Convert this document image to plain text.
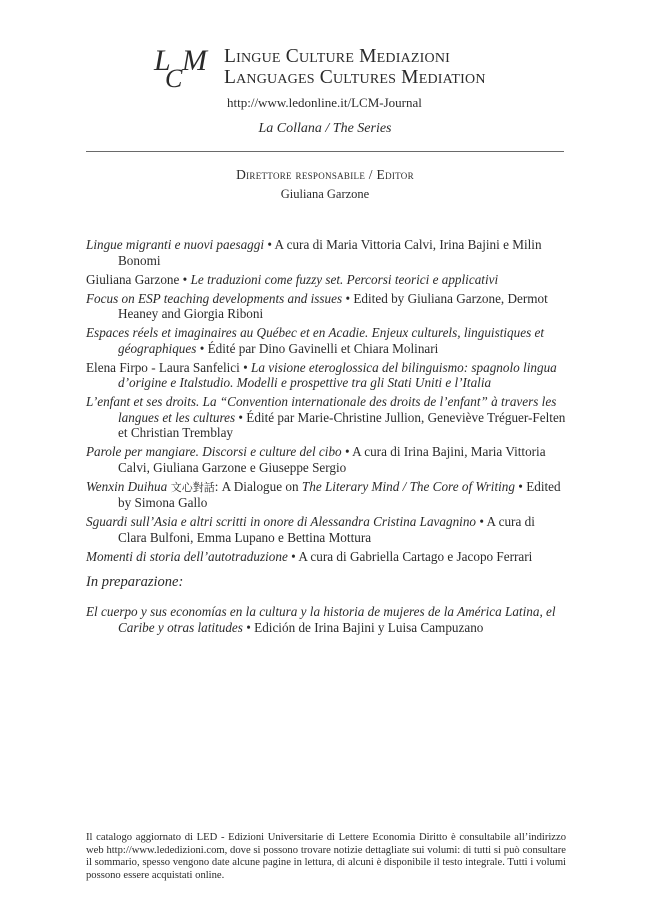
L
C
M Lingue Culture Mediazioni
Languages Cultures Mediation
http://www.ledonline.it/LCM-Journal
La Collana / The Series
Direttore responsabile / Editor
Giuliana Garzone
Lingue migranti e nuovi paesaggi • A cura di Maria Vittoria Calvi, Irina Bajini e Milin Bonomi
Giuliana Garzone • Le traduzioni come fuzzy set. Percorsi teorici e applicativi
Focus on ESP teaching developments and issues • Edited by Giuliana Garzone, Dermot Heaney and Giorgia Riboni
Espaces réels et imaginaires au Québec et en Acadie. Enjeux culturels, linguistiques et géographiques • Édité par Dino Gavinelli et Chiara Molinari
Elena Firpo - Laura Sanfelici • La visione eteroglossica del bilinguismo: spagnolo lingua d’origine e Italstudio. Modelli e prospettive tra gli Stati Uniti e l’Italia
L’enfant et ses droits. La “Convention internationale des droits de l’enfant” à travers les langues et les cultures • Édité par Marie-Christine Jullion, Geneviève Tréguer-Felten et Christian Tremblay
Parole per mangiare. Discorsi e culture del cibo • A cura di Irina Bajini, Maria Vittoria Calvi, Giuliana Garzone e Giuseppe Sergio
Wenxin Duihua 文心對話: A Dialogue on The Literary Mind / The Core of Writing • Edited by Simona Gallo
Sguardi sull’Asia e altri scritti in onore di Alessandra Cristina Lavagnino • A cura di Clara Bulfoni, Emma Lupano e Bettina Mottura
Momenti di storia dell’autotraduzione • A cura di Gabriella Cartago e Jacopo Ferrari
In preparazione:
El cuerpo y sus economías en la cultura y la historia de mujeres de la América Latina, el Caribe y otras latitudes • Edición de Irina Bajini y Luisa Campuzano
Il catalogo aggiornato di LED - Edizioni Universitarie di Lettere Economia Diritto è consultabile all’indirizzo web http://www.lededizioni.com, dove si possono trovare notizie dettagliate sui volumi: di tutti si può consultare il sommario, spesso vengono date alcune pagine in lettura, di alcuni è disponibile il testo integrale. Tutti i volumi possono essere acquistati online.
